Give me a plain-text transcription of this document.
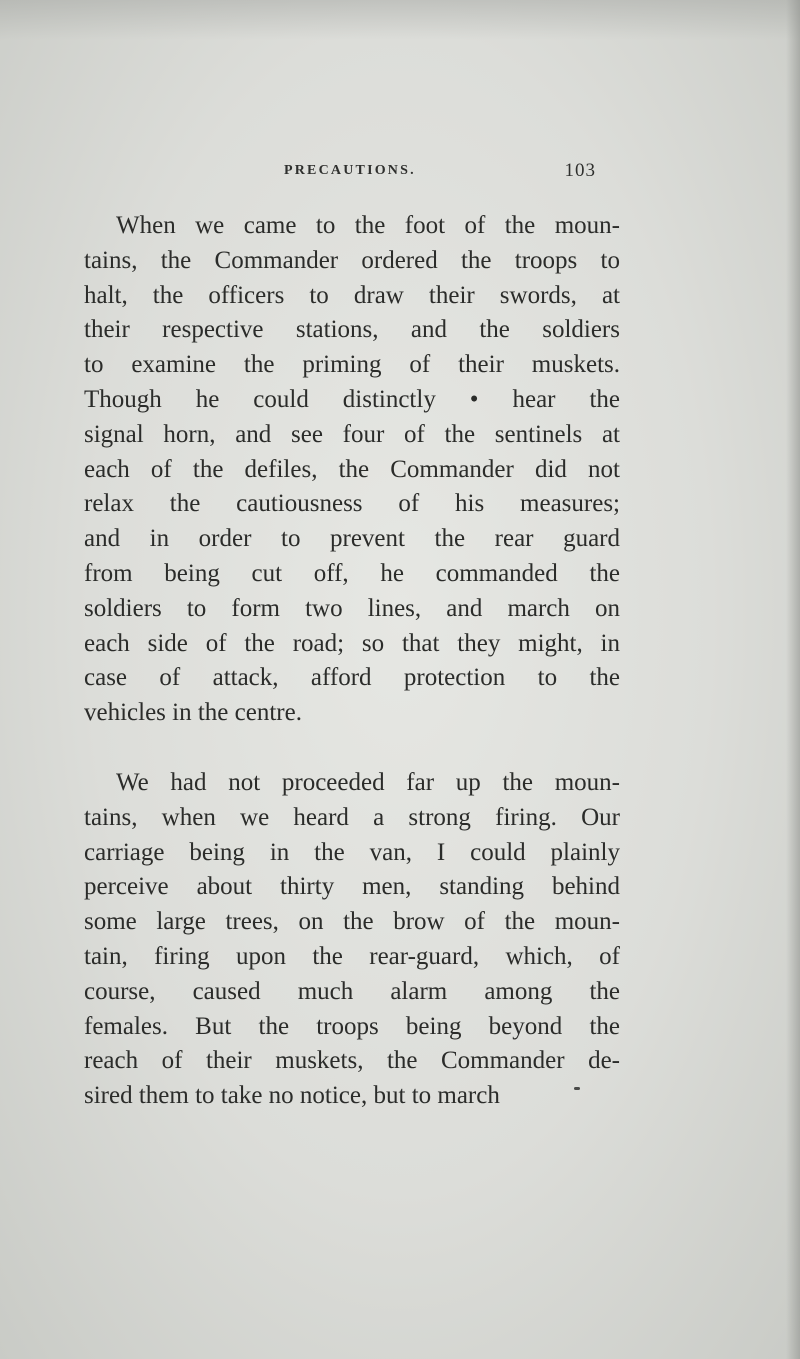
PRECAUTIONS.	103
When we came to the foot of the moun-
tains, the Commander ordered the troops to
halt, the officers to draw their swords, at
their respective stations, and the soldiers
to examine the priming of their muskets.
Though he could distinctly • hear the
signal horn, and see four of the sentinels at
each of the defiles, the Commander did not
relax the cautiousness of his measures;
and in order to prevent the rear guard
from being cut off, he commanded the
soldiers to form two lines, and march on
each side of the road; so that they might, in
case of attack, afford protection to the
vehicles in the centre.
We had not proceeded far up the moun-
tains, when we heard a strong firing. Our
carriage being in the van, I could plainly
perceive about thirty men, standing behind
some large trees, on the brow of the moun-
tain, firing upon the rear-guard, which, of
course, caused much alarm among the
females. But the troops being beyond the
reach of their muskets, the Commander de-
sired them to take no notice, but to march
